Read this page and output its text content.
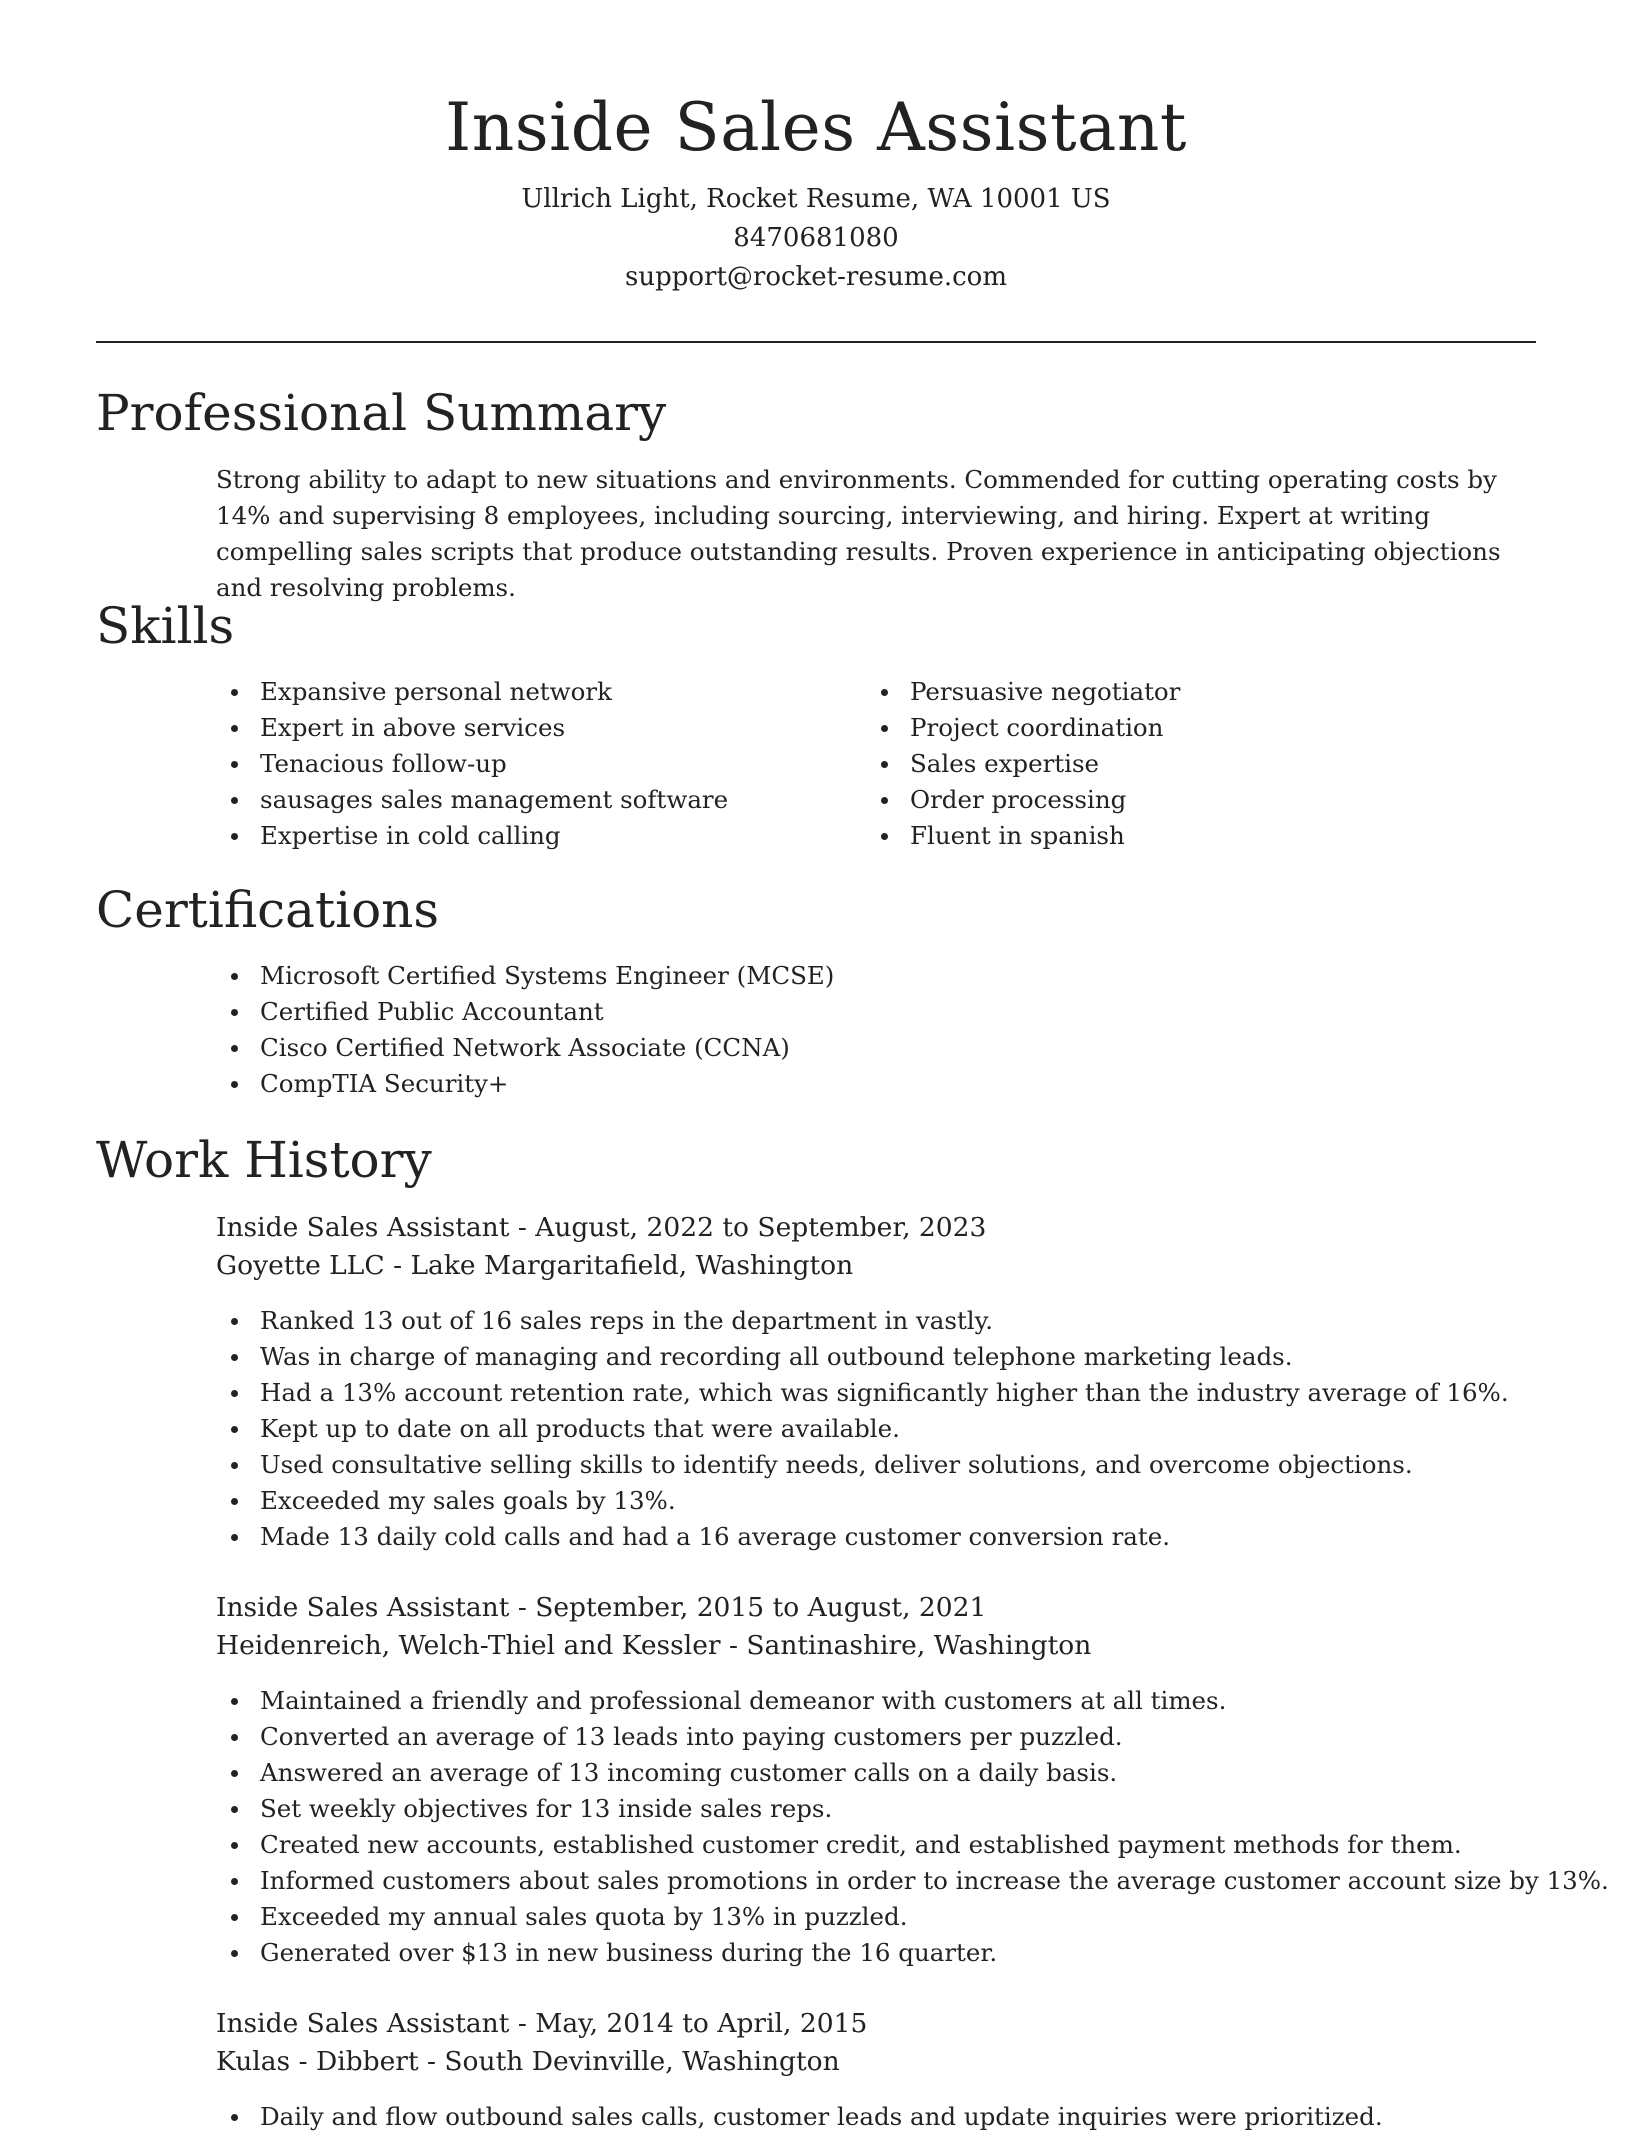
Inside Sales Assistant
Ullrich Light, Rocket Resume, WA 10001 US
8470681080
support@rocket-resume.com
Professional Summary

Strong ability to adapt to new situations and environments. Commended for cutting operating costs by 14% and supervising 8 employees, including sourcing, interviewing, and hiring. Expert at writing compelling sales scripts that produce outstanding results. Proven experience in anticipating objections and resolving problems.

Skills
Expansive personal network
Expert in above services
Tenacious follow-up
sausages sales management software
Expertise in cold calling
Persuasive negotiator
Project coordination
Sales expertise
Order processing
Fluent in spanish
Certifications
Microsoft Certified Systems Engineer (MCSE)
Certified Public Accountant
Cisco Certified Network Associate (CCNA)
CompTIA Security+
Work History
Inside Sales Assistant - August, 2022 to September, 2023
Goyette LLC - Lake Margaritafield, Washington
Ranked 13 out of 16 sales reps in the department in vastly.
Was in charge of managing and recording all outbound telephone marketing leads.
Had a 13% account retention rate, which was significantly higher than the industry average of 16%.
Kept up to date on all products that were available.
Used consultative selling skills to identify needs, deliver solutions, and overcome objections.
Exceeded my sales goals by 13%.
Made 13 daily cold calls and had a 16 average customer conversion rate.
Inside Sales Assistant - September, 2015 to August, 2021
Heidenreich, Welch-Thiel and Kessler - Santinashire, Washington
Maintained a friendly and professional demeanor with customers at all times.
Converted an average of 13 leads into paying customers per puzzled.
Answered an average of 13 incoming customer calls on a daily basis.
Set weekly objectives for 13 inside sales reps.
Created new accounts, established customer credit, and established payment methods for them.
Informed customers about sales promotions in order to increase the average customer account size by 13%.
Exceeded my annual sales quota by 13% in puzzled.
Generated over $13 in new business during the 16 quarter.
Inside Sales Assistant - May, 2014 to April, 2015
Kulas - Dibbert - South Devinville, Washington
Daily and flow outbound sales calls, customer leads and update inquiries were prioritized.
